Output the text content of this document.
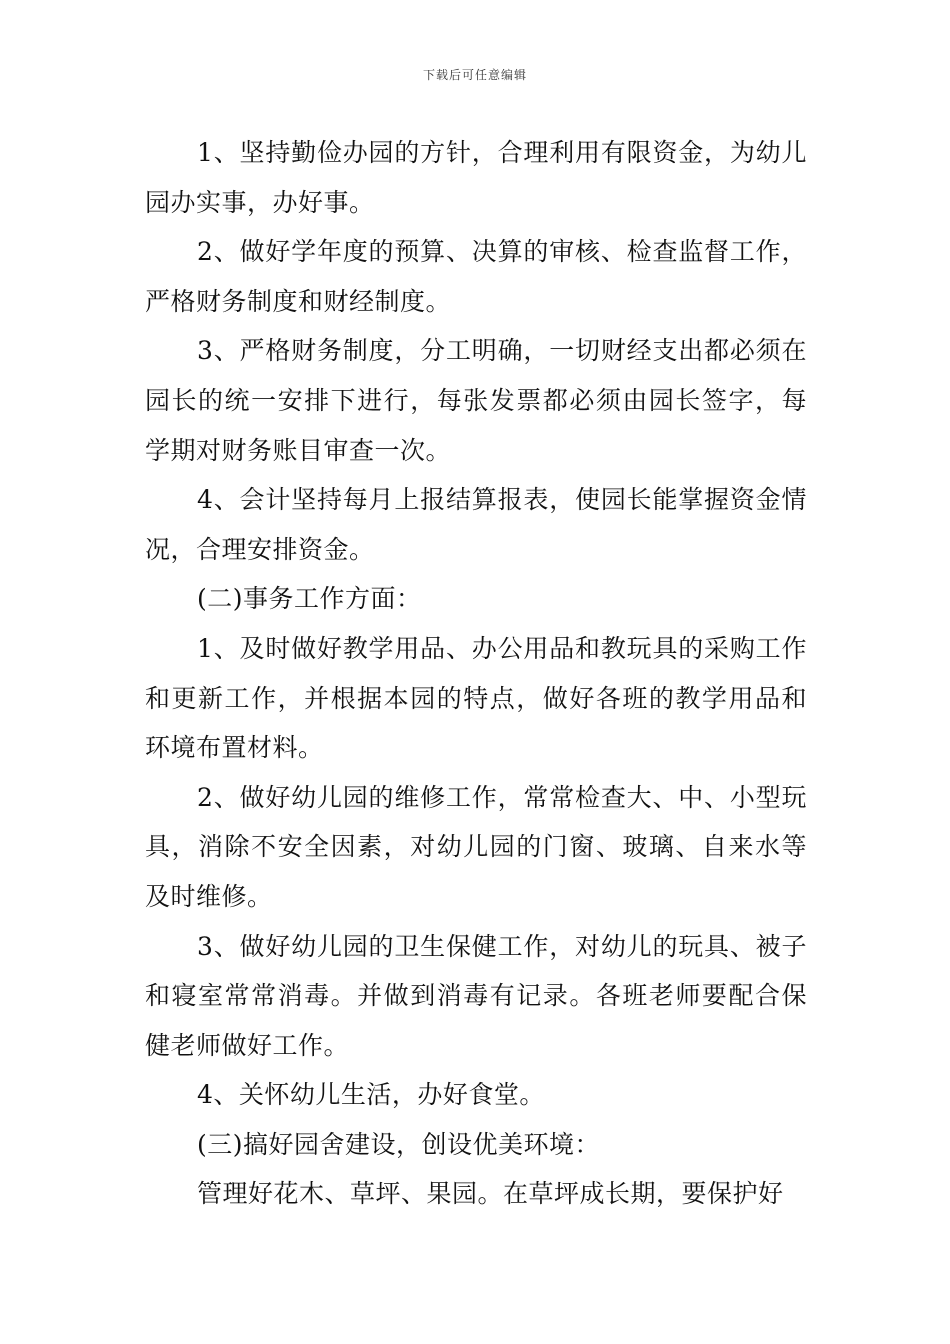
下载后可任意编辑

1、坚持勤俭办园的方针，合理利用有限资金，为幼儿园办实事，办好事。

2、做好学年度的预算、决算的审核、检查监督工作，严格财务制度和财经制度。

3、严格财务制度，分工明确，一切财经支出都必须在园长的统一安排下进行，每张发票都必须由园长签字，每学期对财务账目审查一次。

4、会计坚持每月上报结算报表，使园长能掌握资金情况，合理安排资金。

(二)事务工作方面：

1、及时做好教学用品、办公用品和教玩具的采购工作和更新工作，并根据本园的特点，做好各班的教学用品和环境布置材料。

2、做好幼儿园的维修工作，常常检查大、中、小型玩具，消除不安全因素，对幼儿园的门窗、玻璃、自来水等及时维修。

3、做好幼儿园的卫生保健工作，对幼儿的玩具、被子和寝室常常消毒。并做到消毒有记录。各班老师要配合保健老师做好工作。

4、关怀幼儿生活，办好食堂。

(三)搞好园舍建设，创设优美环境：

管理好花木、草坪、果园。在草坪成长期，要保护好
